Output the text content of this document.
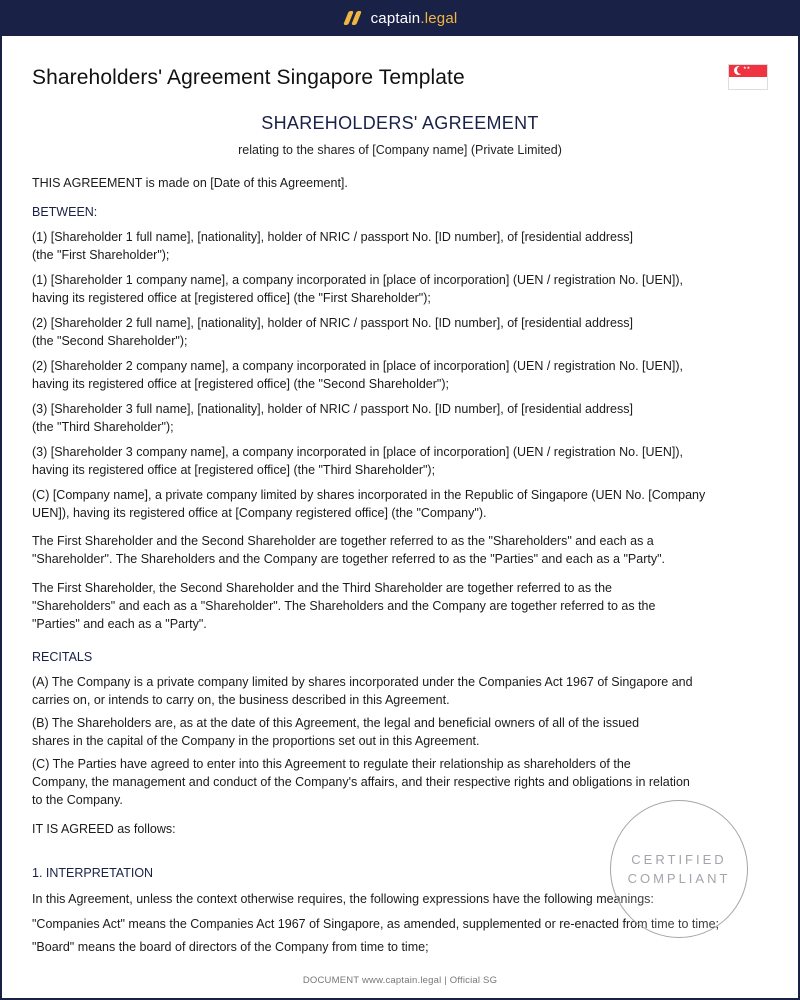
captain.legal
Shareholders' Agreement Singapore Template	★★
SHAREHOLDERS' AGREEMENT
relating to the shares of [Company name] (Private Limited)

THIS AGREEMENT is made on [Date of this Agreement].

BETWEEN:

(1) [Shareholder 1 full name], [nationality], holder of NRIC / passport No. [ID number], of [residential address]
(the "First Shareholder");

(1) [Shareholder 1 company name], a company incorporated in [place of incorporation] (UEN / registration No. [UEN]),
having its registered office at [registered office] (the "First Shareholder");

(2) [Shareholder 2 full name], [nationality], holder of NRIC / passport No. [ID number], of [residential address]
(the "Second Shareholder");

(2) [Shareholder 2 company name], a company incorporated in [place of incorporation] (UEN / registration No. [UEN]),
having its registered office at [registered office] (the "Second Shareholder");

(3) [Shareholder 3 full name], [nationality], holder of NRIC / passport No. [ID number], of [residential address]
(the "Third Shareholder");

(3) [Shareholder 3 company name], a company incorporated in [place of incorporation] (UEN / registration No. [UEN]),
having its registered office at [registered office] (the "Third Shareholder");

(C) [Company name], a private company limited by shares incorporated in the Republic of Singapore (UEN No. [Company
UEN]), having its registered office at [Company registered office] (the "Company").

The First Shareholder and the Second Shareholder are together referred to as the "Shareholders" and each as a
"Shareholder". The Shareholders and the Company are together referred to as the "Parties" and each as a "Party".

The First Shareholder, the Second Shareholder and the Third Shareholder are together referred to as the
"Shareholders" and each as a "Shareholder". The Shareholders and the Company are together referred to as the
"Parties" and each as a "Party".

RECITALS

(A) The Company is a private company limited by shares incorporated under the Companies Act 1967 of Singapore and
carries on, or intends to carry on, the business described in this Agreement.

(B) The Shareholders are, as at the date of this Agreement, the legal and beneficial owners of all of the issued
shares in the capital of the Company in the proportions set out in this Agreement.

(C) The Parties have agreed to enter into this Agreement to regulate their relationship as shareholders of the
Company, the management and conduct of the Company's affairs, and their respective rights and obligations in relation
to the Company.

IT IS AGREED as follows:

1. INTERPRETATION

In this Agreement, unless the context otherwise requires, the following expressions have the following meanings:

"Companies Act" means the Companies Act 1967 of Singapore, as amended, supplemented or re-enacted from time to time;

"Board" means the board of directors of the Company from time to time;

CERTIFIED
COMPLIANT
DOCUMENT www.captain.legal | Official SG
